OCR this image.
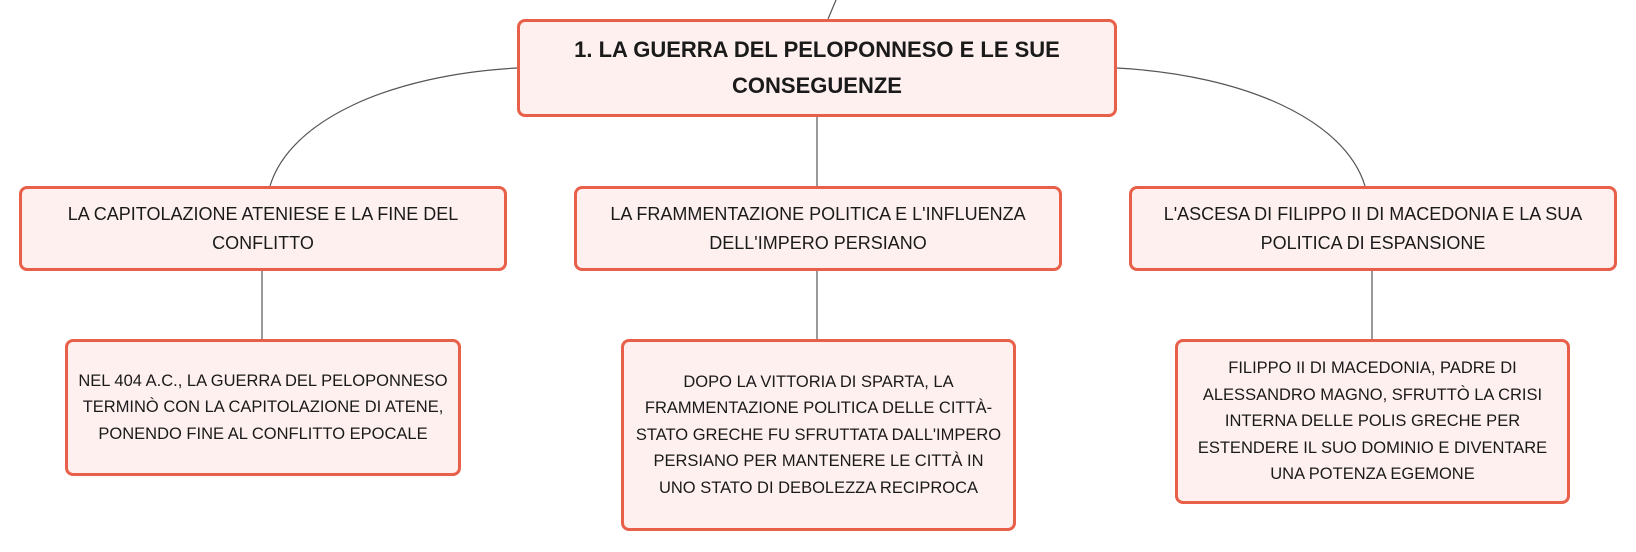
1. LA GUERRA DEL PELOPONNESO E LE SUE CONSEGUENZE
LA CAPITOLAZIONE ATENIESE E LA FINE DEL CONFLITTO
LA FRAMMENTAZIONE POLITICA E L'INFLUENZA DELL'IMPERO PERSIANO
L'ASCESA DI FILIPPO II DI MACEDONIA E LA SUA POLITICA DI ESPANSIONE
NEL 404 A.C., LA GUERRA DEL PELOPONNESO TERMINÒ CON LA CAPITOLAZIONE DI ATENE, PONENDO FINE AL CONFLITTO EPOCALE
DOPO LA VITTORIA DI SPARTA, LA FRAMMENTAZIONE POLITICA DELLE CITTÀ-STATO GRECHE FU SFRUTTATA DALL'IMPERO PERSIANO PER MANTENERE LE CITTÀ IN UNO STATO DI DEBOLEZZA RECIPROCA
FILIPPO II DI MACEDONIA, PADRE DI ALESSANDRO MAGNO, SFRUTTÒ LA CRISI INTERNA DELLE POLIS GRECHE PER ESTENDERE IL SUO DOMINIO E DIVENTARE UNA POTENZA EGEMONE
